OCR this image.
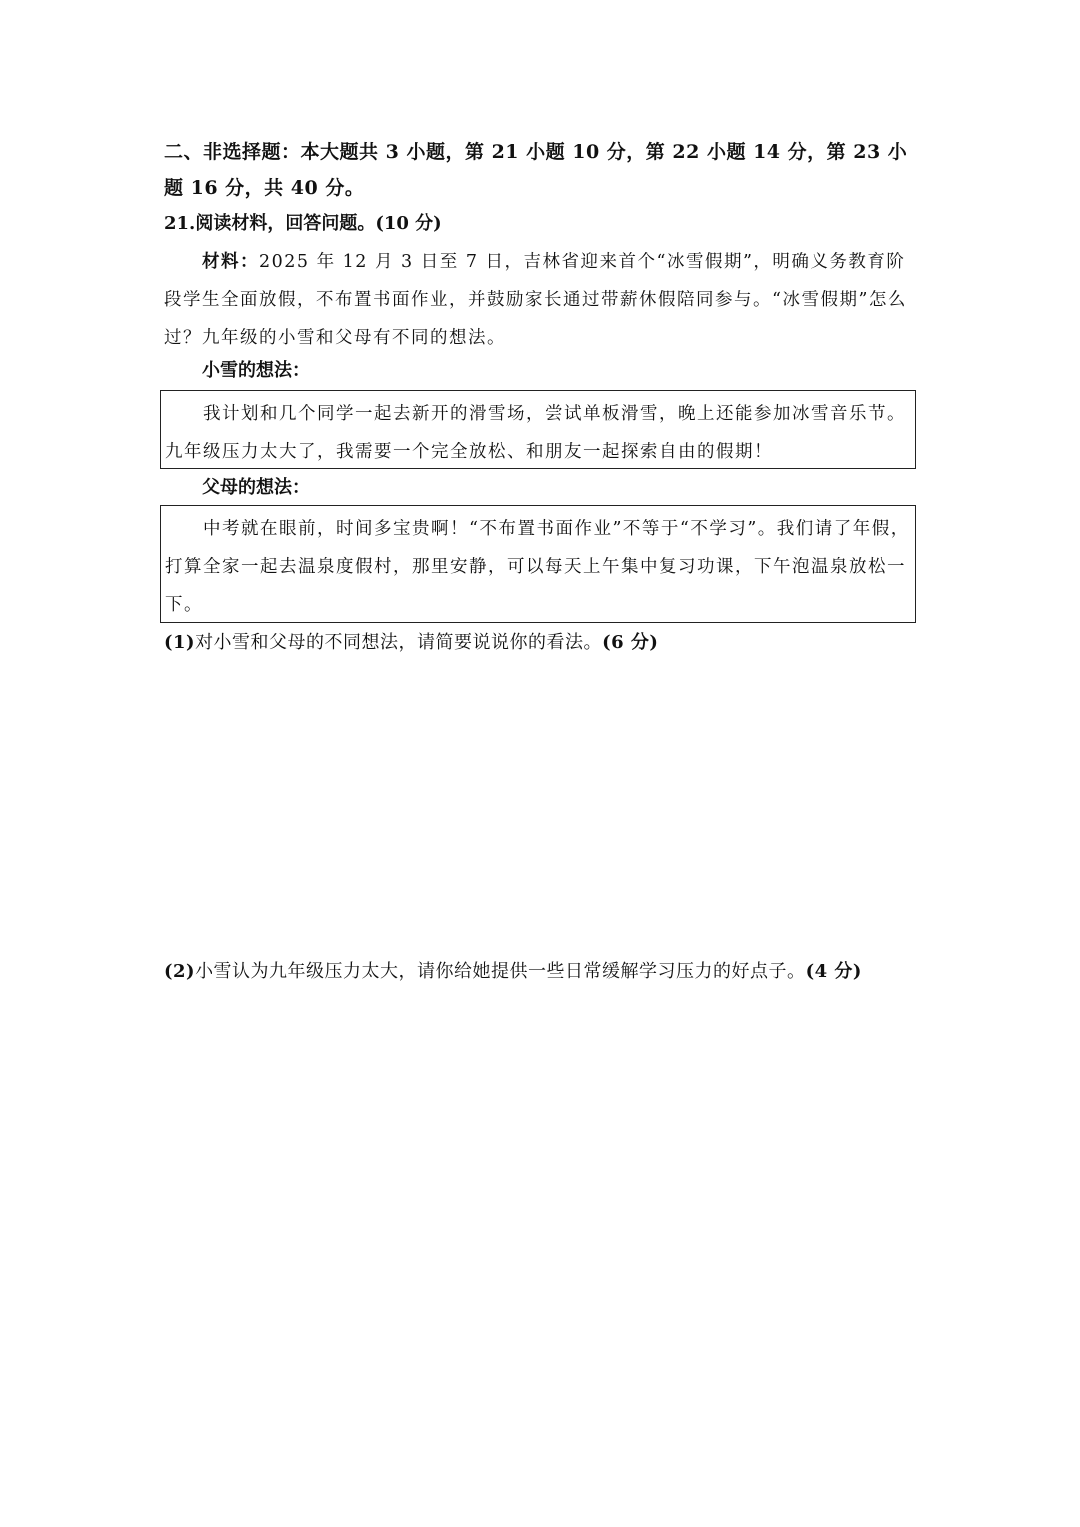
二、非选择题：本大题共 3 小题，第 21 小题 10 分，第 22 小题 14 分，第 23 小题 16 分，共 40 分。
21.阅读材料，回答问题。(10 分)
材料：2025 年 12 月 3 日至 7 日，吉林省迎来首个“冰雪假期”，明确义务教育阶段学生全面放假，不布置书面作业，并鼓励家长通过带薪休假陪同参与。“冰雪假期”怎么过？九年级的小雪和父母有不同的想法。
小雪的想法：
我计划和几个同学一起去新开的滑雪场，尝试单板滑雪，晚上还能参加冰雪音乐节。九年级压力太大了，我需要一个完全放松、和朋友一起探索自由的假期！
父母的想法：
中考就在眼前，时间多宝贵啊！“不布置书面作业”不等于“不学习”。我们请了年假，打算全家一起去温泉度假村，那里安静，可以每天上午集中复习功课，下午泡温泉放松一下。
(1)对小雪和父母的不同想法，请简要说说你的看法。(6 分)
(2)小雪认为九年级压力太大，请你给她提供一些日常缓解学习压力的好点子。(4 分)
